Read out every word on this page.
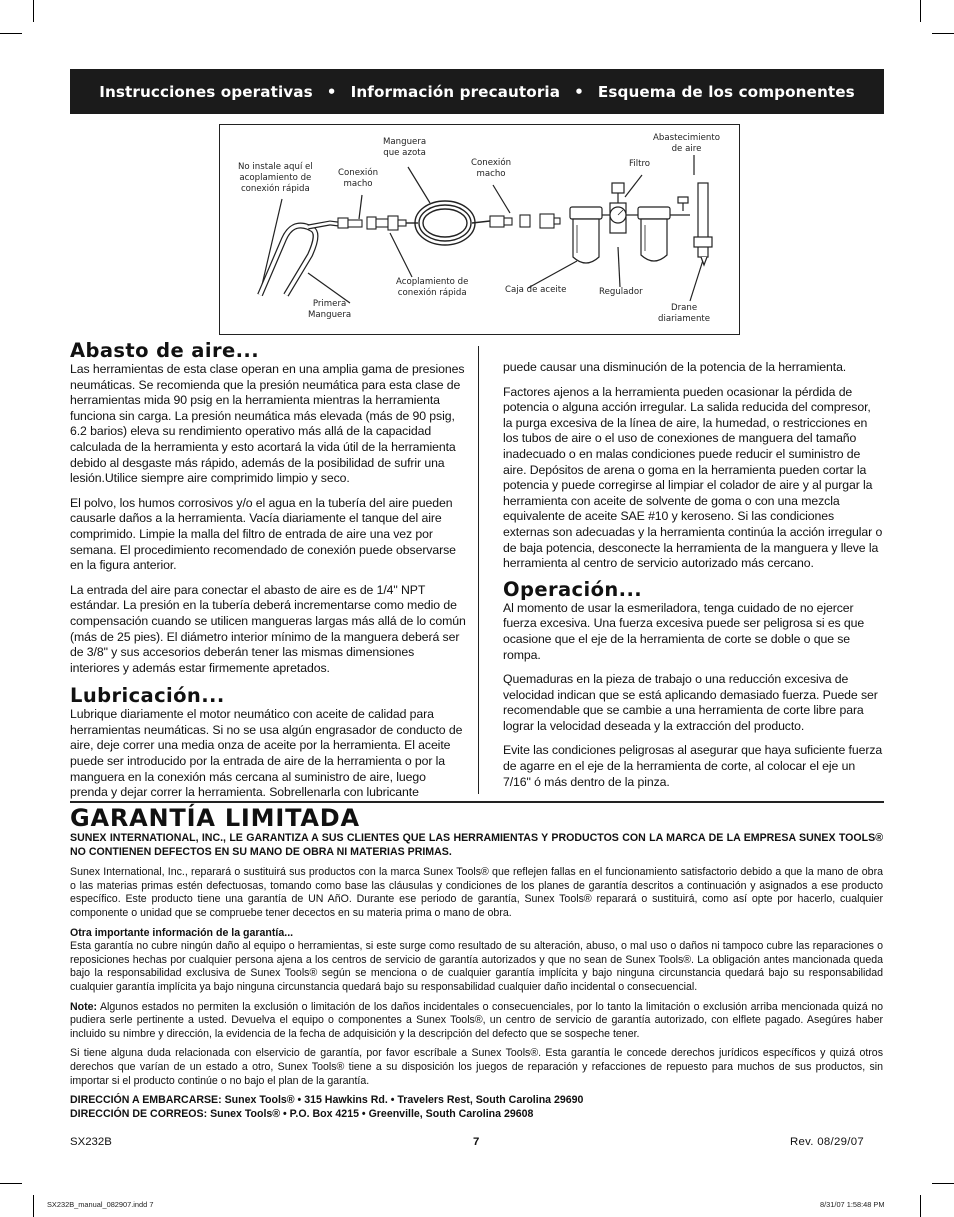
Instrucciones operativas • Información precautoria • Esquema de los componentes
No instale aquí el
acoplamiento de
conexión rápida
Conexión
macho
Manguera
que azota
Conexión
macho
Abastecimiento
de aire
Filtro
Primera
Manguera
Acoplamiento de
conexión rápida	Caja de aceite	Regulador
Drane
diariamente
Abasto de aire...

Las herramientas de esta clase operan en una amplia gama de presiones neumáticas. Se recomienda que la presión neumática para esta clase de herramientas mida 90 psig en la herramienta mientras la herramienta funciona sin carga. La presión neumática más elevada (más de 90 psig, 6.2 barios) eleva su rendimiento operativo más allá de la capacidad calculada de la herramienta y esto acortará la vida útil de la herramienta debido al desgaste más rápido, además de la posibilidad de sufrir una lesión.Utilice siempre aire comprimido limpio y seco.

El polvo, los humos corrosivos y/o el agua en la tubería del aire pueden causarle daños a la herramienta. Vacía diariamente el tanque del aire comprimido. Limpie la malla del filtro de entrada de aire una vez por semana. El procedimiento recomendado de conexión puede observarse en la figura anterior.

La entrada del aire para conectar el abasto de aire es de 1/4" NPT estándar. La presión en la tubería deberá incrementarse como medio de compensación cuando se utilicen mangueras largas más allá de lo común (más de 25 pies). El diámetro interior mínimo de la manguera deberá ser de 3/8" y sus accesorios deberán tener las mismas dimensiones interiores y además estar firmemente apretados.

Lubricación...

Lubrique diariamente el motor neumático con aceite de calidad para herramientas neumáticas. Si no se usa algún engrasador de conducto de aire, deje correr una media onza de aceite por la herramienta. El aceite puede ser introducido por la entrada de aire de la herramienta o por la manguera en la conexión más cercana al suministro de aire, luego prenda y dejar correr la herramienta. Sobrellenarla con lubricante

puede causar una disminución de la potencia de la herramienta.

Factores ajenos a la herramienta pueden ocasionar la pérdida de potencia o alguna acción irregular. La salida reducida del compresor, la purga excesiva de la línea de aire, la humedad, o restricciones en los tubos de aire o el uso de conexiones de manguera del tamaño inadecuado o en malas condiciones puede reducir el suministro de aire. Depósitos de arena o goma en la herramienta pueden cortar la potencia y puede corregirse al limpiar el colador de aire y al purgar la herramienta con aceite de solvente de goma o con una mezcla equivalente de aceite SAE #10 y keroseno. Si las condiciones externas son adecuadas y la herramienta continúa la acción irregular o de baja potencia, desconecte la herramienta de la manguera y lleve la herramienta al centro de servicio autorizado más cercano.

Operación...

Al momento de usar la esmeriladora, tenga cuidado de no ejercer fuerza excesiva. Una fuerza excesiva puede ser peligrosa si es que ocasione que el eje de la herramienta de corte se doble o que se rompa.

Quemaduras en la pieza de trabajo o una reducción excesiva de velocidad indican que se está aplicando demasiado fuerza. Puede ser recomendable que se cambie a una herramienta de corte libre para lograr la velocidad deseada y la extracción del producto.

Evite las condiciones peligrosas al asegurar que haya suficiente fuerza de agarre en el eje de la herramienta de corte, al colocar el eje un 7/16" ó más dentro de la pinza.

GARANTÍA LIMITADA

SUNEX INTERNATIONAL, INC., LE GARANTIZA A SUS CLIENTES QUE LAS HERRAMIENTAS Y PRODUCTOS CON LA MARCA DE LA EMPRESA SUNEX TOOLS® NO CONTIENEN DEFECTOS EN SU MANO DE OBRA NI MATERIAS PRIMAS.

Sunex International, Inc., reparará o sustituirá sus productos con la marca Sunex Tools® que reflejen fallas en el funcionamiento satisfactorio debido a que la mano de obra o las materias primas estén defectuosas, tomando como base las cláusulas y condiciones de los planes de garantía descritos a continuación y asignados a ese producto específico. Este producto tiene una garantía de UN AñO. Durante ese periodo de garantía, Sunex Tools® reparará o sustituirá, como así opte por hacerlo, cualquier componente o unidad que se compruebe tener decectos en su materia prima o mano de obra.

Otra importante información de la garantía...

Esta garantía no cubre ningún daño al equipo o herramientas, si este surge como resultado de su alteración, abuso, o mal uso o daños ni tampoco cubre las reparaciones o reposiciones hechas por cualquier persona ajena a los centros de servicio de garantía autorizados y que no sean de Sunex Tools®. La obligación antes mancionada queda bajo la responsabilidad exclusiva de Sunex Tools® según se menciona o de cualquier garantía implícita y bajo ninguna circunstancia quedará bajo su responsabilidad cualquier garantía implícita ya bajo ninguna circunstancia quedará bajo su responsabilidad cualquier daño incidental o consecuencial.

Note: Algunos estados no permiten la exclusión o limitación de los daños incidentales o consecuenciales, por lo tanto la limitación o exclusión arriba mencionada quizá no pudiera serle pertinente a usted. Devuelva el equipo o componentes a Sunex Tools®, un centro de servicio de garantía autorizado, con elflete pagado. Asegúres haber incluido su nimbre y dirección, la evidencia de la fecha de adquisición y la descripción del defecto que se sospeche tener.

Si tiene alguna duda relacionada con elservicio de garantía, por favor escríbale a Sunex Tools®. Esta garantía le concede derechos jurídicos específicos y quizá otros derechos que varían de un estado a otro, Sunex Tools® tiene a su disposición los juegos de reparación y refacciones de repuesto para muchos de sus productos, sin importar si el producto continúe o no bajo el plan de la garantía.

DIRECCIÓN A EMBARCARSE: Sunex Tools® • 315 Hawkins Rd. • Travelers Rest, South Carolina 29690
DIRECCIÓN DE CORREOS: Sunex Tools® • P.O. Box 4215 • Greenville, South Carolina 29608
SX232B	7	Rev. 08/29/07
SX232B_manual_082907.indd 7	8/31/07 1:58:48 PM
